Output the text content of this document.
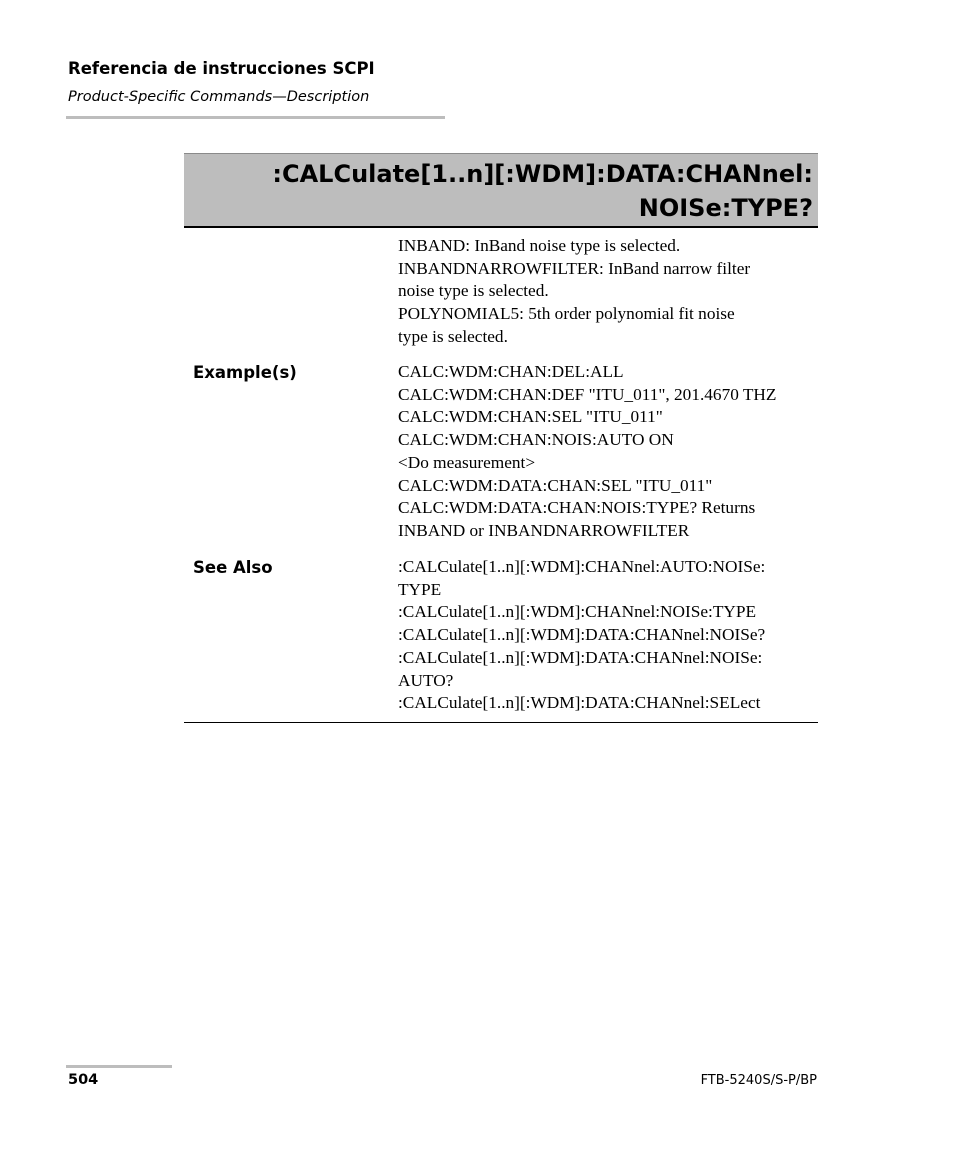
Referencia de instrucciones SCPI
Product-Specific Commands—Description
:CALCulate[1..n][:WDM]:DATA:CHANnel:
NOISe:TYPE?
INBAND: InBand noise type is selected.
INBANDNARROWFILTER: InBand narrow filter
noise type is selected.
POLYNOMIAL5: 5th order polynomial fit noise
type is selected.
Example(s)	CALC:WDM:CHAN:DEL:ALL
CALC:WDM:CHAN:DEF "ITU_011", 201.4670 THZ
CALC:WDM:CHAN:SEL "ITU_011"
CALC:WDM:CHAN:NOIS:AUTO ON
<Do measurement>
CALC:WDM:DATA:CHAN:SEL "ITU_011"
CALC:WDM:DATA:CHAN:NOIS:TYPE? Returns
INBAND or INBANDNARROWFILTER
See Also	:CALCulate[1..n][:WDM]:CHANnel:AUTO:NOISe:
TYPE
:CALCulate[1..n][:WDM]:CHANnel:NOISe:TYPE
:CALCulate[1..n][:WDM]:DATA:CHANnel:NOISe?
:CALCulate[1..n][:WDM]:DATA:CHANnel:NOISe:
AUTO?
:CALCulate[1..n][:WDM]:DATA:CHANnel:SELect
504	FTB-5240S/S-P/BP
